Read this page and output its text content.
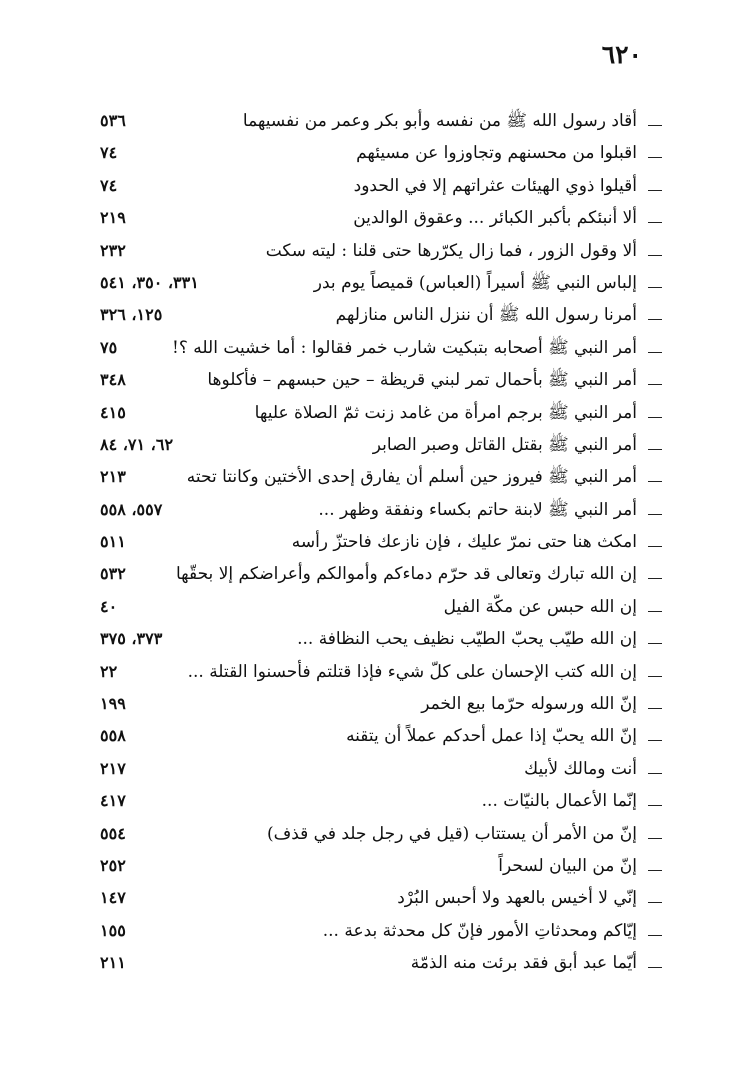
٦٢٠
أقاد رسول الله ﷺ من نفسه وأبو بكر وعمر من نفسيهما
٥٣٦
اقبلوا من محسنهم وتجاوزوا عن مسيئهم
٧٤
أقيلوا ذوي الهيئات عثراتهم إلا في الحدود
٧٤
ألا أنبئكم بأكبر الكبائر ... وعقوق الوالدين
٢١٩
ألا وقول الزور ، فما زال يكرّرها حتى قلنا : ليته سكت
٢٣٢
إلباس النبي ﷺ أسيراً (العباس) قميصاً يوم بدر
٣٣١، ٣٥٠، ٥٤١
أمرنا رسول الله ﷺ أن ننزل الناس منازلهم
١٢٥، ٣٢٦
أمر النبي ﷺ أصحابه بتبكيت شارب خمر فقالوا : أما خشيت الله ؟!
٧٥
أمر النبي ﷺ بأحمال تمر لبني قريظة – حين حبسهم – فأكلوها
٣٤٨
أمر النبي ﷺ برجم امرأة من غامد زنت ثمّ الصلاة عليها
٤١٥
أمر النبي ﷺ بقتل القاتل وصبر الصابر
٦٢، ٧١، ٨٤
أمر النبي ﷺ فيروز حين أسلم أن يفارق إحدى الأختين وكانتا تحته
٢١٣
أمر النبي ﷺ لابنة حاتم بكساء ونفقة وظهر ...
٥٥٧، ٥٥٨
امكث هنا حتى نمرّ عليك ، فإن نازعك فاحتزّ رأسه
٥١١
إن الله تبارك وتعالى قد حرّم دماءكم وأموالكم وأعراضكم إلا بحقّها
٥٣٢
إن الله حبس عن مكّة الفيل
٤٠
إن الله طيّب يحبّ الطيّب نظيف يحب النظافة ...
٣٧٣، ٣٧٥
إن الله كتب الإحسان على كلّ شيء فإذا قتلتم فأحسنوا القتلة ...
٢٢
إنّ الله ورسوله حرّما بيع الخمر
١٩٩
إنّ الله يحبّ إذا عمل أحدكم عملاً أن يتقنه
٥٥٨
أنت ومالك لأبيك
٢١٧
إنّما الأعمال بالنيّات ...
٤١٧
إنّ من الأمر أن يستتاب (قيل في رجل جلد في قذف)
٥٥٤
إنّ من البيان لسحراً
٢٥٢
إنّي لا أخيس بالعهد ولا أحبس البُرْد
١٤٧
إيّاكم ومحدثاتِ الأمور فإنّ كل محدثة بدعة ...
١٥٥
أيّما عبد أبق فقد برئت منه الذمّة
٢١١
